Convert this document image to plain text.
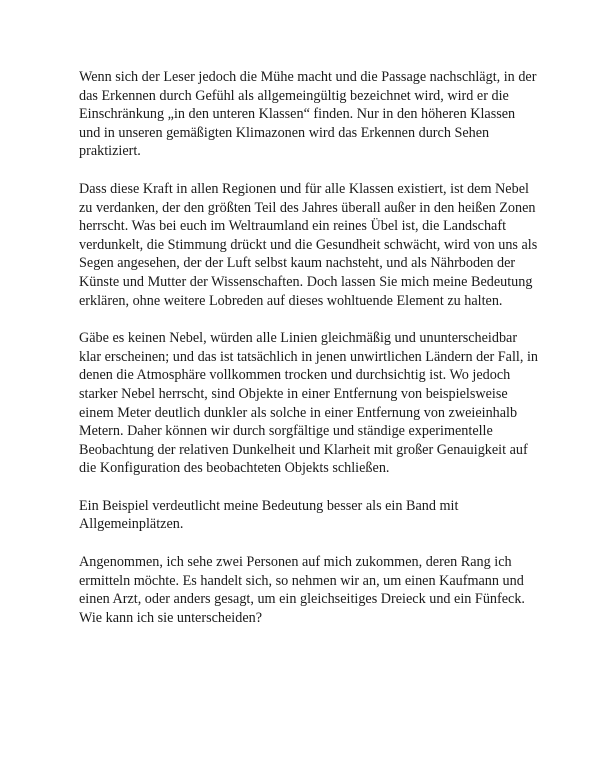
Wenn sich der Leser jedoch die Mühe macht und die Passage nachschlägt, in der das Erkennen durch Gefühl als allgemeingültig bezeichnet wird, wird er die Einschränkung „in den unteren Klassen“ finden. Nur in den höheren Klassen und in unseren gemäßigten Klimazonen wird das Erkennen durch Sehen praktiziert.

Dass diese Kraft in allen Regionen und für alle Klassen existiert, ist dem Nebel zu verdanken, der den größten Teil des Jahres überall außer in den heißen Zonen herrscht. Was bei euch im Weltraumland ein reines Übel ist, die Landschaft verdunkelt, die Stimmung drückt und die Gesundheit schwächt, wird von uns als Segen angesehen, der der Luft selbst kaum nachsteht, und als Nährboden der Künste und Mutter der Wissenschaften. Doch lassen Sie mich meine Bedeutung erklären, ohne weitere Lobreden auf dieses wohltuende Element zu halten.

Gäbe es keinen Nebel, würden alle Linien gleichmäßig und ununterscheidbar klar erscheinen; und das ist tatsächlich in jenen unwirtlichen Ländern der Fall, in denen die Atmosphäre vollkommen trocken und durchsichtig ist. Wo jedoch starker Nebel herrscht, sind Objekte in einer Entfernung von beispielsweise einem Meter deutlich dunkler als solche in einer Entfernung von zweieinhalb Metern. Daher können wir durch sorgfältige und ständige experimentelle Beobachtung der relativen Dunkelheit und Klarheit mit großer Genauigkeit auf die Konfiguration des beobachteten Objekts schließen.

Ein Beispiel verdeutlicht meine Bedeutung besser als ein Band mit Allgemeinplätzen.

Angenommen, ich sehe zwei Personen auf mich zukommen, deren Rang ich ermitteln möchte. Es handelt sich, so nehmen wir an, um einen Kaufmann und einen Arzt, oder anders gesagt, um ein gleichseitiges Dreieck und ein Fünfeck. Wie kann ich sie unterscheiden?
